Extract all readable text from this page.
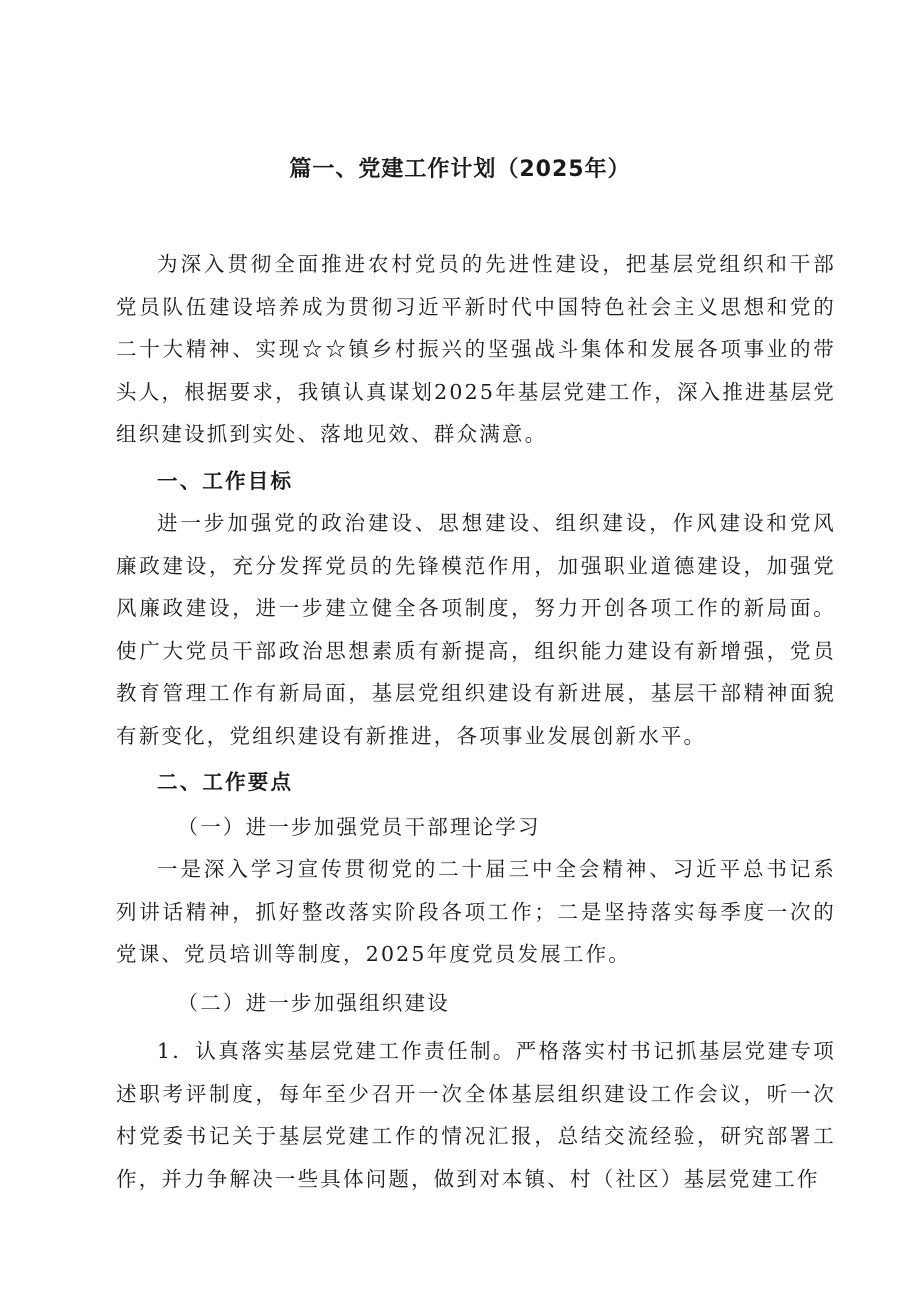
篇一、党建工作计划（2025年）

为深入贯彻全面推进农村党员的先进性建设，把基层党组织和干部党员队伍建设培养成为贯彻习近平新时代中国特色社会主义思想和党的二十大精神、实现☆☆镇乡村振兴的坚强战斗集体和发展各项事业的带头人，根据要求，我镇认真谋划2025年基层党建工作，深入推进基层党组织建设抓到实处、落地见效、群众满意。

一、工作目标

进一步加强党的政治建设、思想建设、组织建设，作风建设和党风廉政建设，充分发挥党员的先锋模范作用，加强职业道德建设，加强党风廉政建设，进一步建立健全各项制度，努力开创各项工作的新局面。使广大党员干部政治思想素质有新提高，组织能力建设有新增强，党员教育管理工作有新局面，基层党组织建设有新进展，基层干部精神面貌有新变化，党组织建设有新推进，各项事业发展创新水平。

二、工作要点

（一）进一步加强党员干部理论学习

一是深入学习宣传贯彻党的二十届三中全会精神、习近平总书记系列讲话精神，抓好整改落实阶段各项工作；二是坚持落实每季度一次的党课、党员培训等制度，2025年度党员发展工作。

（二）进一步加强组织建设

1．认真落实基层党建工作责任制。严格落实村书记抓基层党建专项述职考评制度，每年至少召开一次全体基层组织建设工作会议，听一次村党委书记关于基层党建工作的情况汇报，总结交流经验，研究部署工作，并力争解决一些具体问题，做到对本镇、村（社区）基层党建工作
